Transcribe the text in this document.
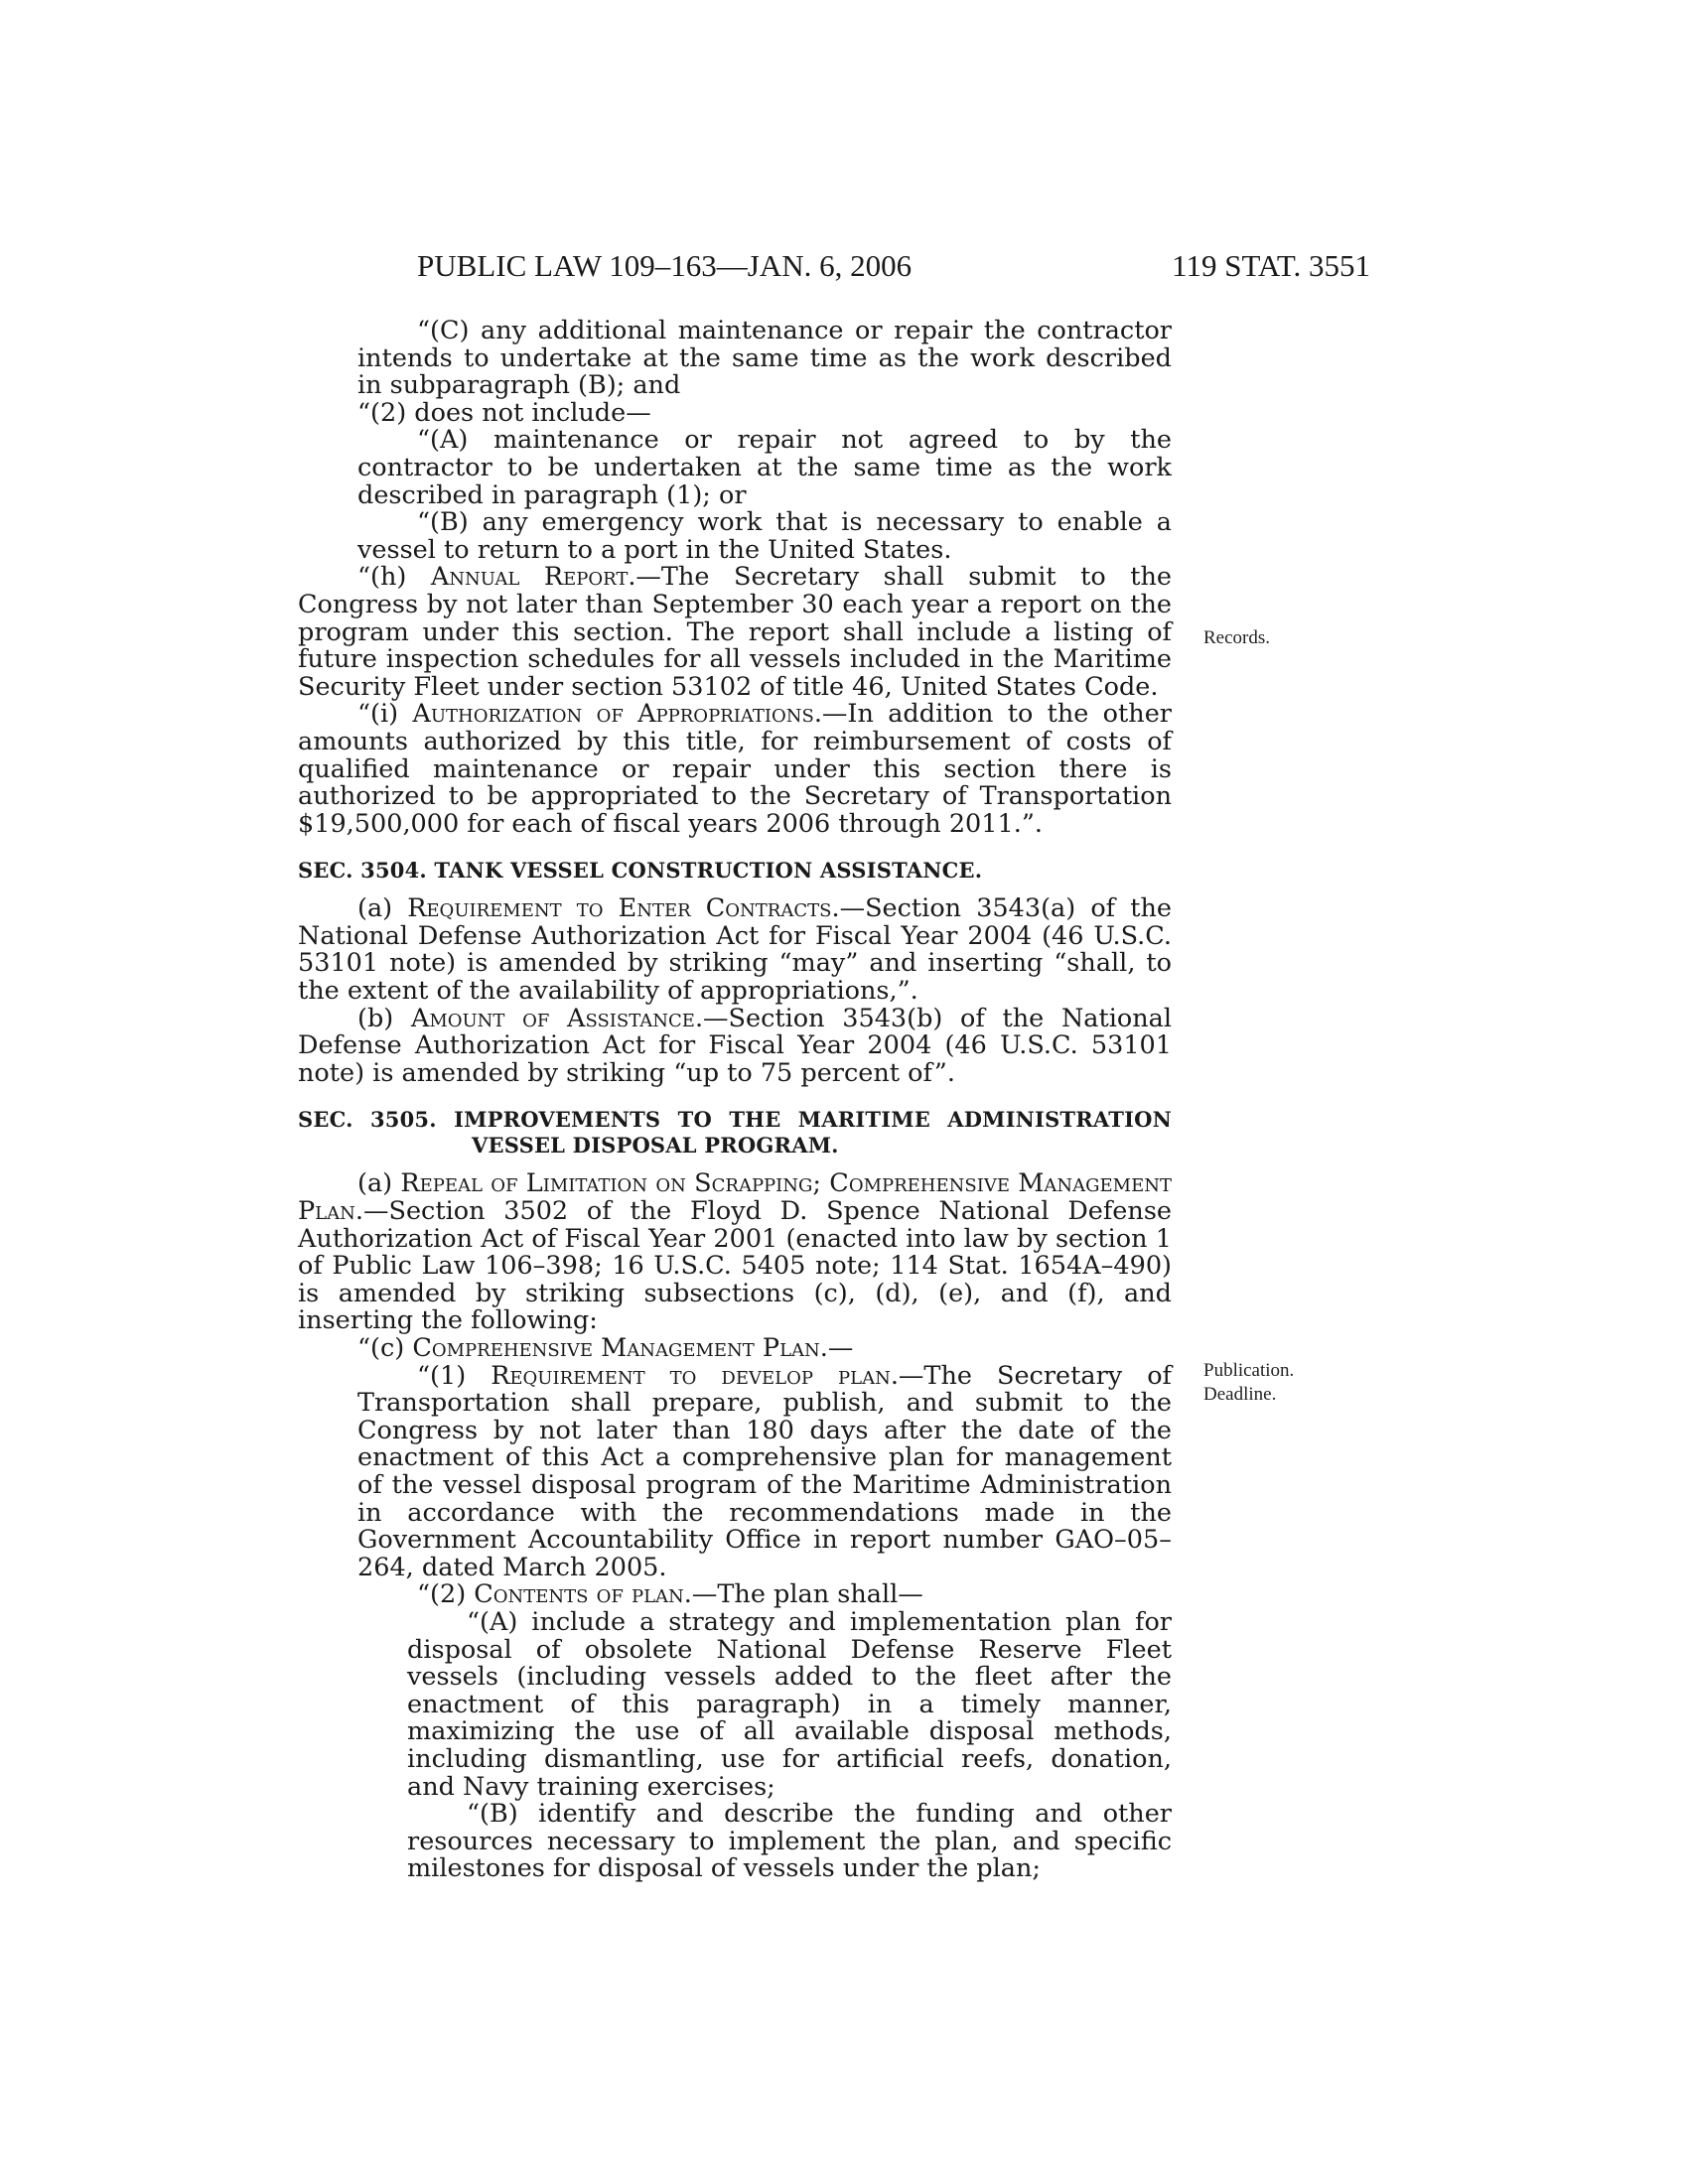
PUBLIC LAW 109–163—JAN. 6, 2006	119 STAT. 3551

“(C) any additional maintenance or repair the contractor intends to undertake at the same time as the work described in subparagraph (B); and

“(2) does not include—

“(A) maintenance or repair not agreed to by the contractor to be undertaken at the same time as the work described in paragraph (1); or

“(B) any emergency work that is necessary to enable a vessel to return to a port in the United States.

“(h) Annual Report.—The Secretary shall submit to the Congress by not later than September 30 each year a report on the program under this section. The report shall include a listing of future inspection schedules for all vessels included in the Maritime Security Fleet under section 53102 of title 46, United States Code.

“(i) Authorization of Appropriations.—In addition to the other amounts authorized by this title, for reimbursement of costs of qualified maintenance or repair under this section there is authorized to be appropriated to the Secretary of Transportation $19,500,000 for each of fiscal years 2006 through 2011.”.

SEC. 3504. TANK VESSEL CONSTRUCTION ASSISTANCE.

(a) Requirement to Enter Contracts.—Section 3543(a) of the National Defense Authorization Act for Fiscal Year 2004 (46 U.S.C. 53101 note) is amended by striking “may” and inserting “shall, to the extent of the availability of appropriations,”.

(b) Amount of Assistance.—Section 3543(b) of the National Defense Authorization Act for Fiscal Year 2004 (46 U.S.C. 53101 note) is amended by striking “up to 75 percent of”.

SEC. 3505. IMPROVEMENTS TO THE MARITIME ADMINISTRATION VESSEL DISPOSAL PROGRAM.

(a) Repeal of Limitation on Scrapping; Comprehensive Management Plan.—Section 3502 of the Floyd D. Spence National Defense Authorization Act of Fiscal Year 2001 (enacted into law by section 1 of Public Law 106–398; 16 U.S.C. 5405 note; 114 Stat. 1654A–490) is amended by striking subsections (c), (d), (e), and (f), and inserting the following:

“(c) Comprehensive Management Plan.—

“(1) Requirement to develop plan.—The Secretary of Transportation shall prepare, publish, and submit to the Congress by not later than 180 days after the date of the enactment of this Act a comprehensive plan for management of the vessel disposal program of the Maritime Administration in accordance with the recommendations made in the Government Accountability Office in report number GAO–05–264, dated March 2005.

“(2) Contents of plan.—The plan shall—

“(A) include a strategy and implementation plan for disposal of obsolete National Defense Reserve Fleet vessels (including vessels added to the fleet after the enactment of this paragraph) in a timely manner, maximizing the use of all available disposal methods, including dismantling, use for artificial reefs, donation, and Navy training exercises;

“(B) identify and describe the funding and other resources necessary to implement the plan, and specific milestones for disposal of vessels under the plan;

Records.
Publication.
Deadline.
